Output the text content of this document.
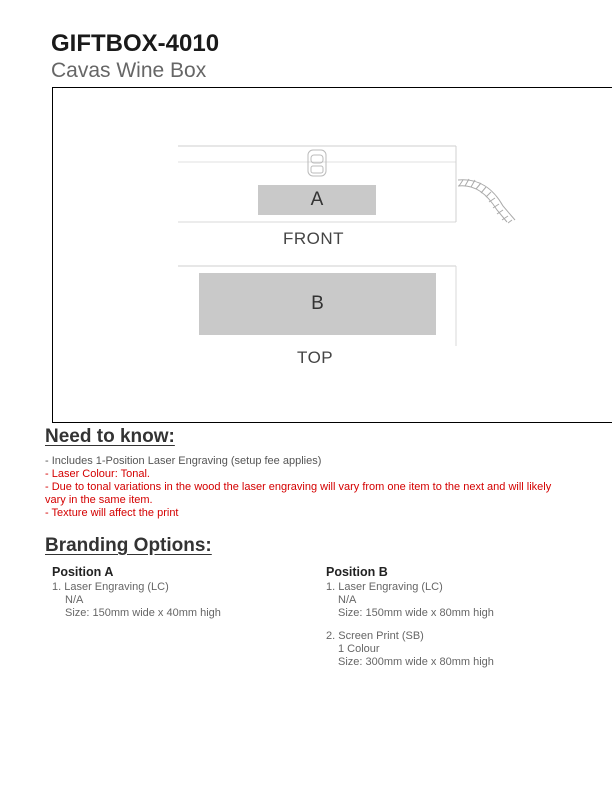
GIFTBOX-4010
Cavas Wine Box
A
FRONT
B
TOP
Need to know:
- Includes 1-Position Laser Engraving (setup fee applies)
- Laser Colour: Tonal.
- Due to tonal variations in the wood the laser engraving will vary from one item to the next and will likely vary in the same item.
- Texture will affect the print
Branding Options:
Position A
1. Laser Engraving (LC)
N/A
Size: 150mm wide x 40mm high
Position B
1. Laser Engraving (LC)
N/A
Size: 150mm wide x 80mm high
2. Screen Print (SB)
1 Colour
Size: 300mm wide x 80mm high
